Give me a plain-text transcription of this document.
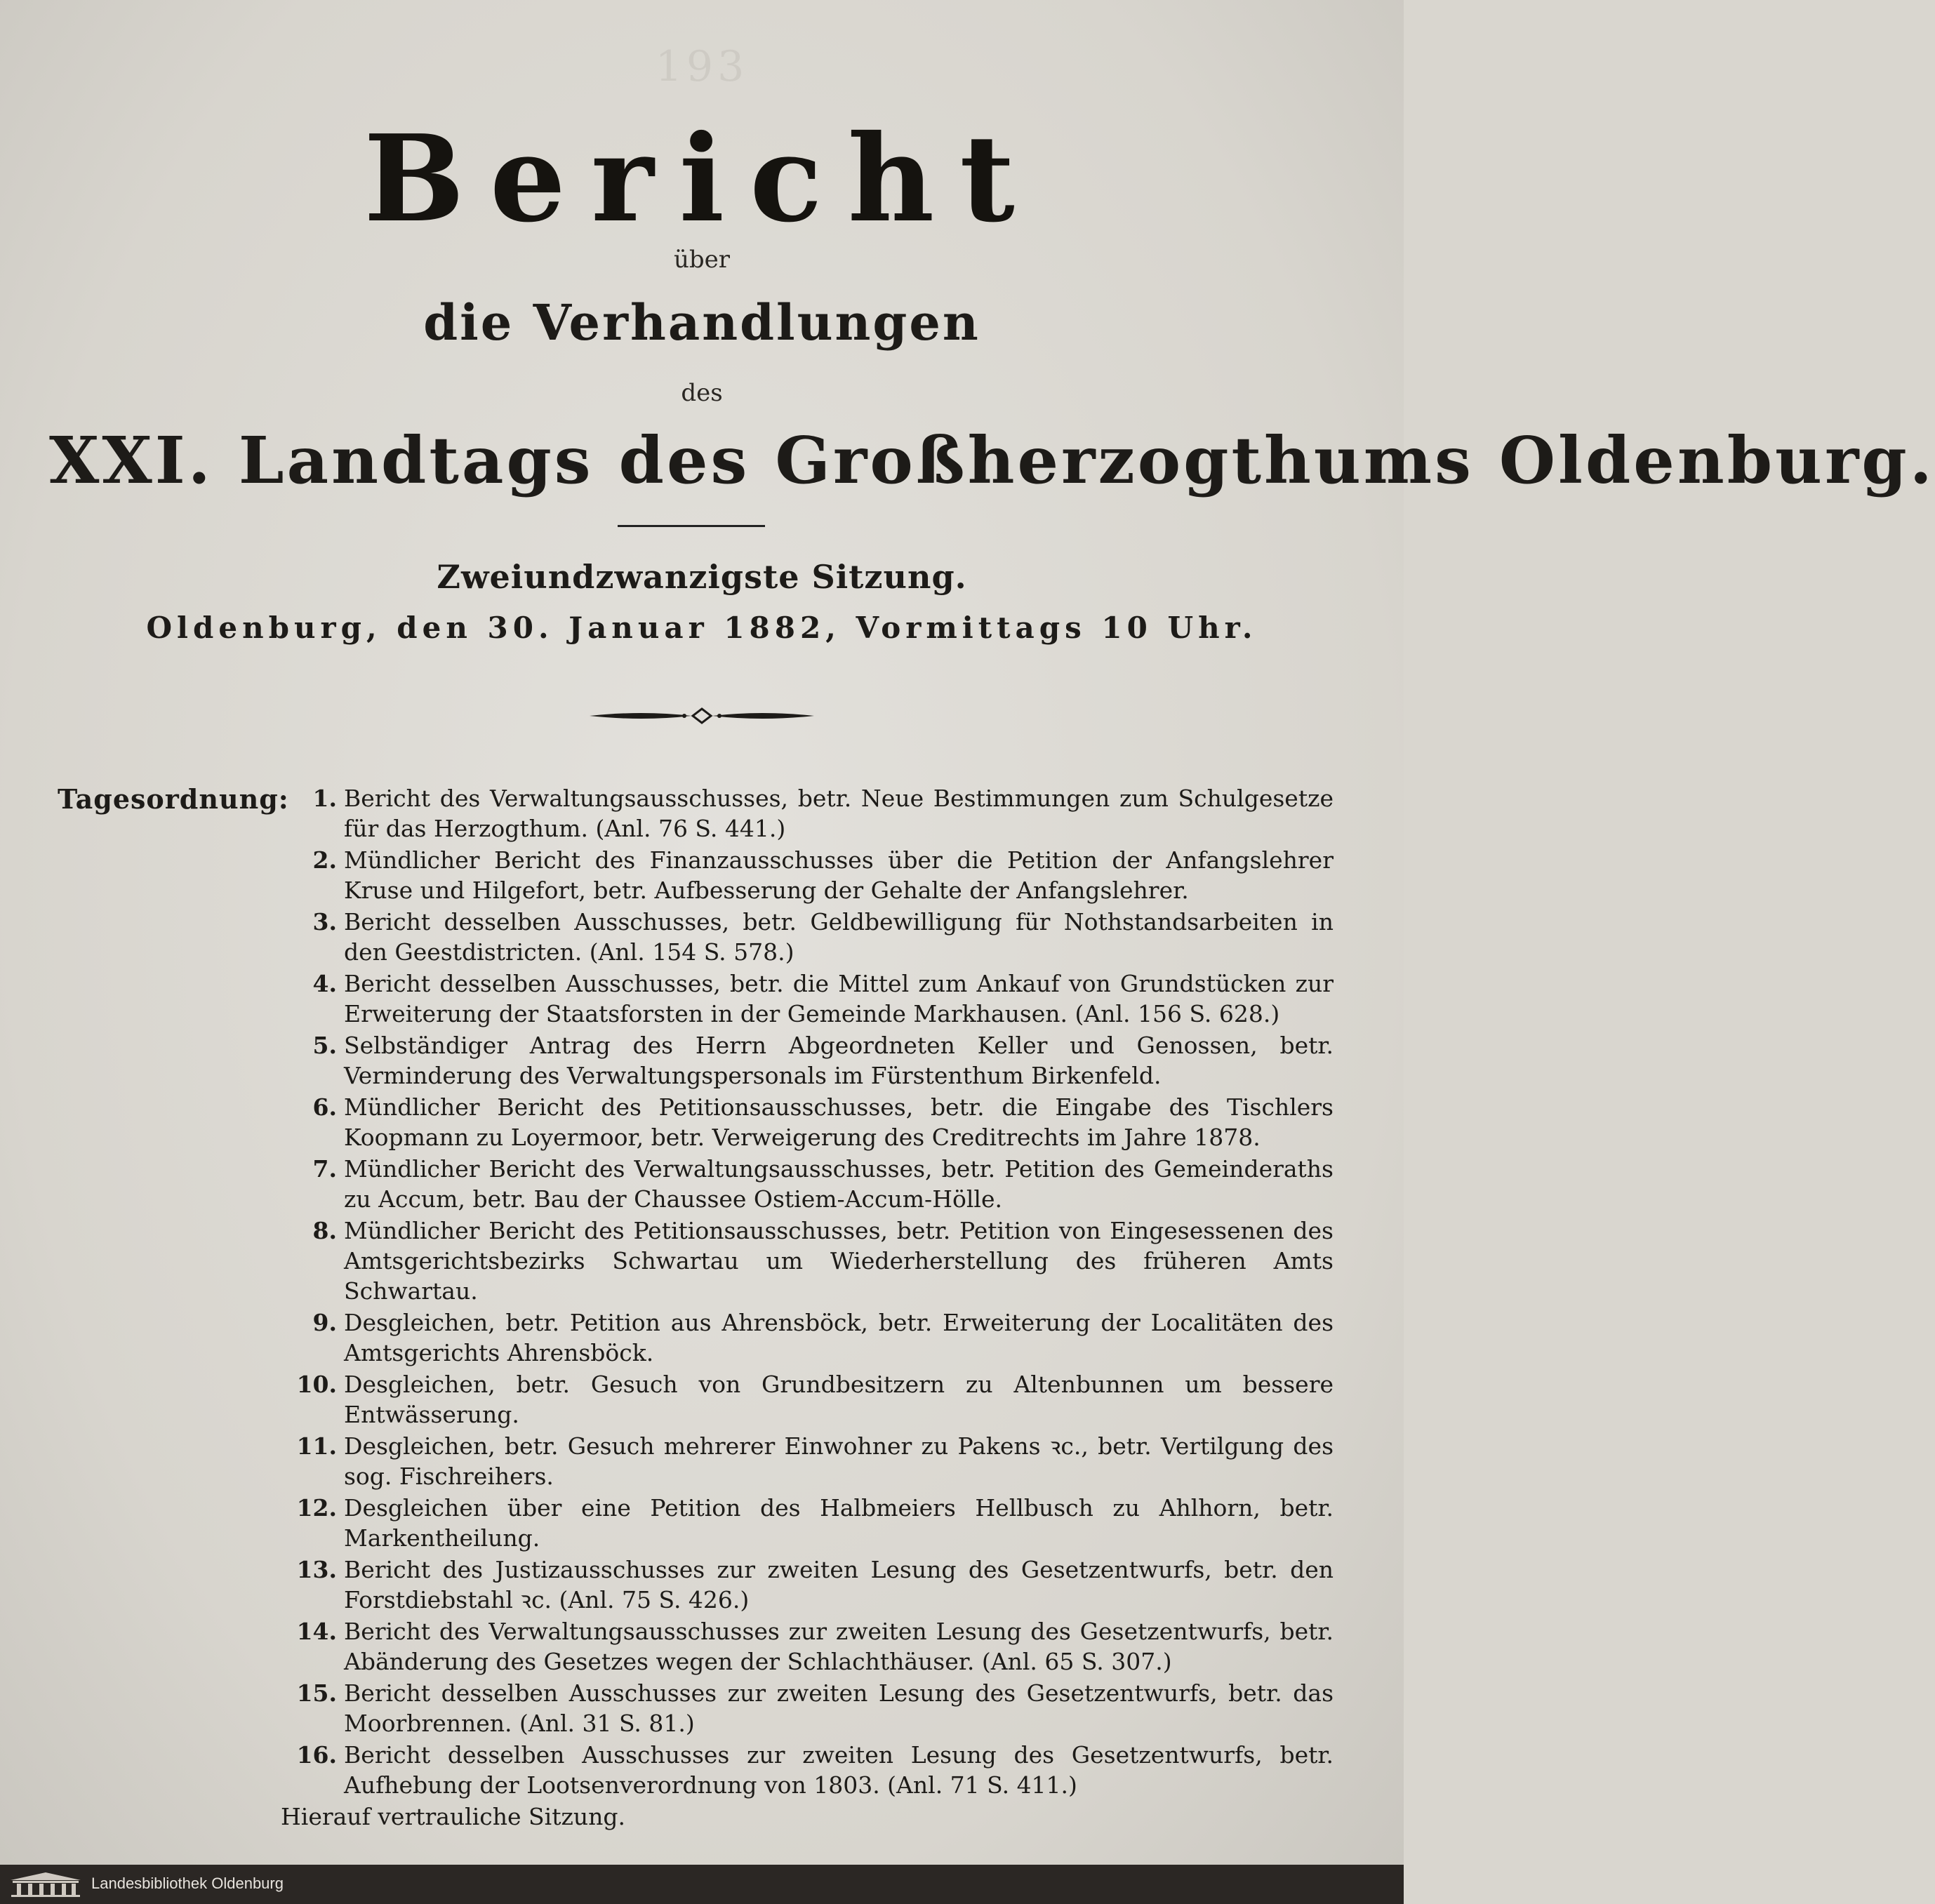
193
Bericht
über
die Verhandlungen
des
XXI. Landtags des Großherzogthums Oldenburg.
Zweiundzwanzigste Sitzung.
Oldenburg, den 30. Januar 1882, Vormittags 10 Uhr.
Tagesordnung:	1. Bericht des Verwaltungsausschusses, betr. Neue Bestimmungen zum Schulgesetze für das Herzogthum. (Anl. 76 S. 441.)
2. Mündlicher Bericht des Finanzausschusses über die Petition der Anfangslehrer Kruse und Hilgefort, betr. Aufbesserung der Gehalte der Anfangslehrer.
3. Bericht desselben Ausschusses, betr. Geldbewilligung für Nothstandsarbeiten in den Geestdistricten. (Anl. 154 S. 578.)
4. Bericht desselben Ausschusses, betr. die Mittel zum Ankauf von Grundstücken zur Erweiterung der Staatsforsten in der Gemeinde Markhausen. (Anl. 156 S. 628.)
5. Selbständiger Antrag des Herrn Abgeordneten Keller und Genossen, betr. Verminderung des Verwaltungspersonals im Fürstenthum Birkenfeld.
6. Mündlicher Bericht des Petitionsausschusses, betr. die Eingabe des Tischlers Koopmann zu Loyermoor, betr. Verweigerung des Creditrechts im Jahre 1878.
7. Mündlicher Bericht des Verwaltungsausschusses, betr. Petition des Gemeinderaths zu Accum, betr. Bau der Chaussee Ostiem-Accum-Hölle.
8. Mündlicher Bericht des Petitionsausschusses, betr. Petition von Eingesessenen des Amtsgerichtsbezirks Schwartau um Wiederherstellung des früheren Amts Schwartau.
9. Desgleichen, betr. Petition aus Ahrensböck, betr. Erweiterung der Localitäten des Amtsgerichts Ahrensböck.
10. Desgleichen, betr. Gesuch von Grundbesitzern zu Altenbunnen um bessere Entwässerung.
11. Desgleichen, betr. Gesuch mehrerer Einwohner zu Pakens ꝛc., betr. Vertilgung des sog. Fischreihers.
12. Desgleichen über eine Petition des Halbmeiers Hellbusch zu Ahlhorn, betr. Markentheilung.
13. Bericht des Justizausschusses zur zweiten Lesung des Gesetzentwurfs, betr. den Forstdiebstahl ꝛc. (Anl. 75 S. 426.)
14. Bericht des Verwaltungsausschusses zur zweiten Lesung des Gesetzentwurfs, betr. Abänderung des Gesetzes wegen der Schlachthäuser. (Anl. 65 S. 307.)
15. Bericht desselben Ausschusses zur zweiten Lesung des Gesetzentwurfs, betr. das Moorbrennen. (Anl. 31 S. 81.)
16. Bericht desselben Ausschusses zur zweiten Lesung des Gesetzentwurfs, betr. Aufhebung der Lootsenverordnung von 1803. (Anl. 71 S. 411.)
Hierauf vertrauliche Sitzung.
Landesbibliothek Oldenburg
